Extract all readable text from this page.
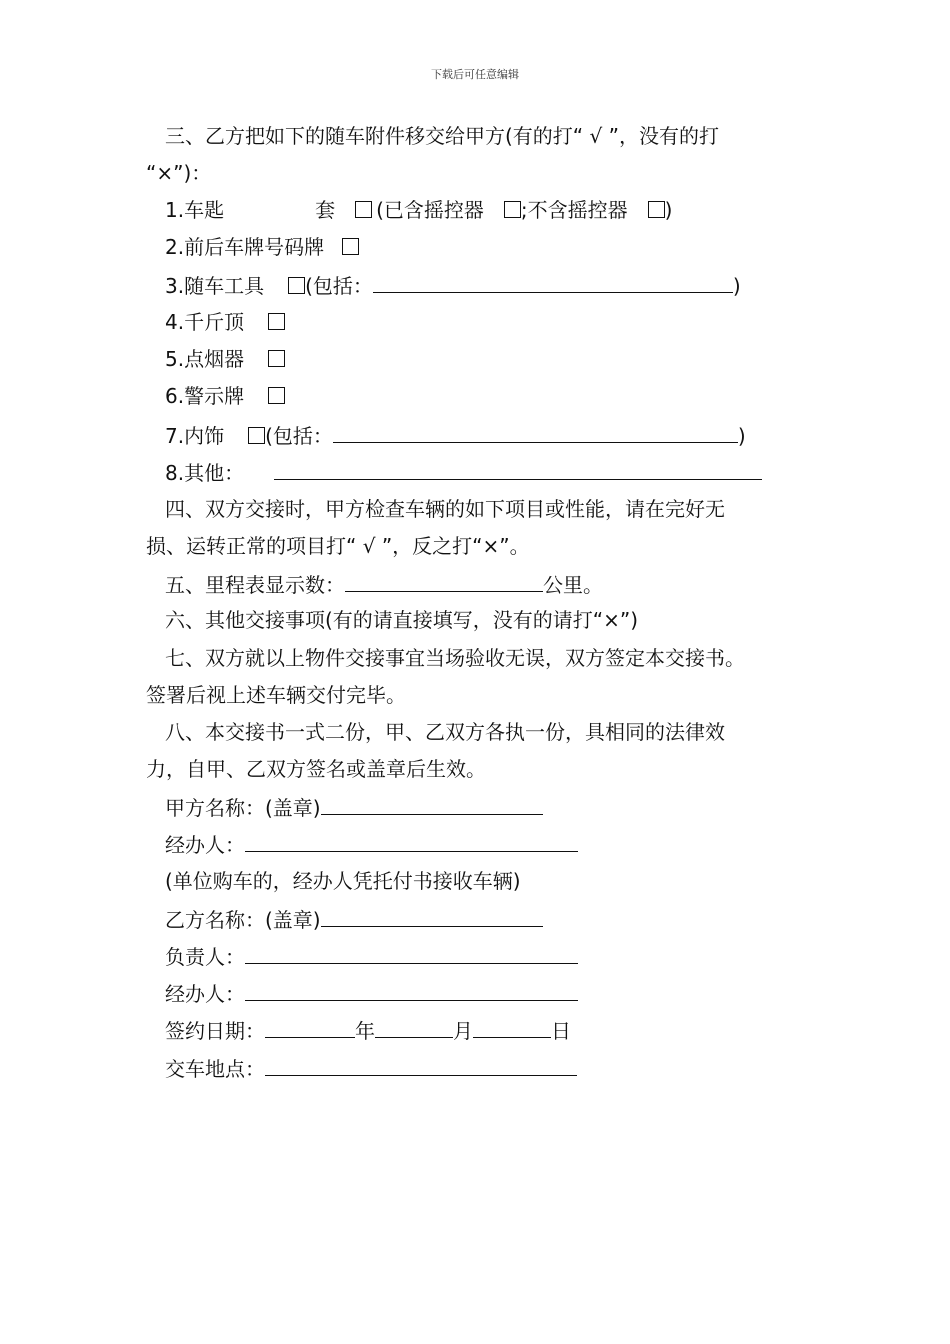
下载后可任意编辑
三、乙方把如下的随车附件移交给甲方(有的打“ √ ”，没有的打
“×”)：
1.车匙	套 (已含摇控器 ;不含摇控器 )
2.前后车牌号码牌
3.随车工具 (包括：	)
4.千斤顶
5.点烟器
6.警示牌
7.内饰 (包括：	)
8.其他：
四、双方交接时，甲方检查车辆的如下项目或性能，请在完好无
损、运转正常的项目打“ √ ”，反之打“×”。
五、里程表显示数：	公里。
六、其他交接事项(有的请直接填写，没有的请打“×”)
七、双方就以上物件交接事宜当场验收无误，双方签定本交接书。
签署后视上述车辆交付完毕。
八、本交接书一式二份，甲、乙双方各执一份，具相同的法律效
力，自甲、乙双方签名或盖章后生效。
甲方名称：(盖章)
经办人：
(单位购车的，经办人凭托付书接收车辆)
乙方名称：(盖章)
负责人：
经办人：
签约日期：	年	月	日
交车地点：
